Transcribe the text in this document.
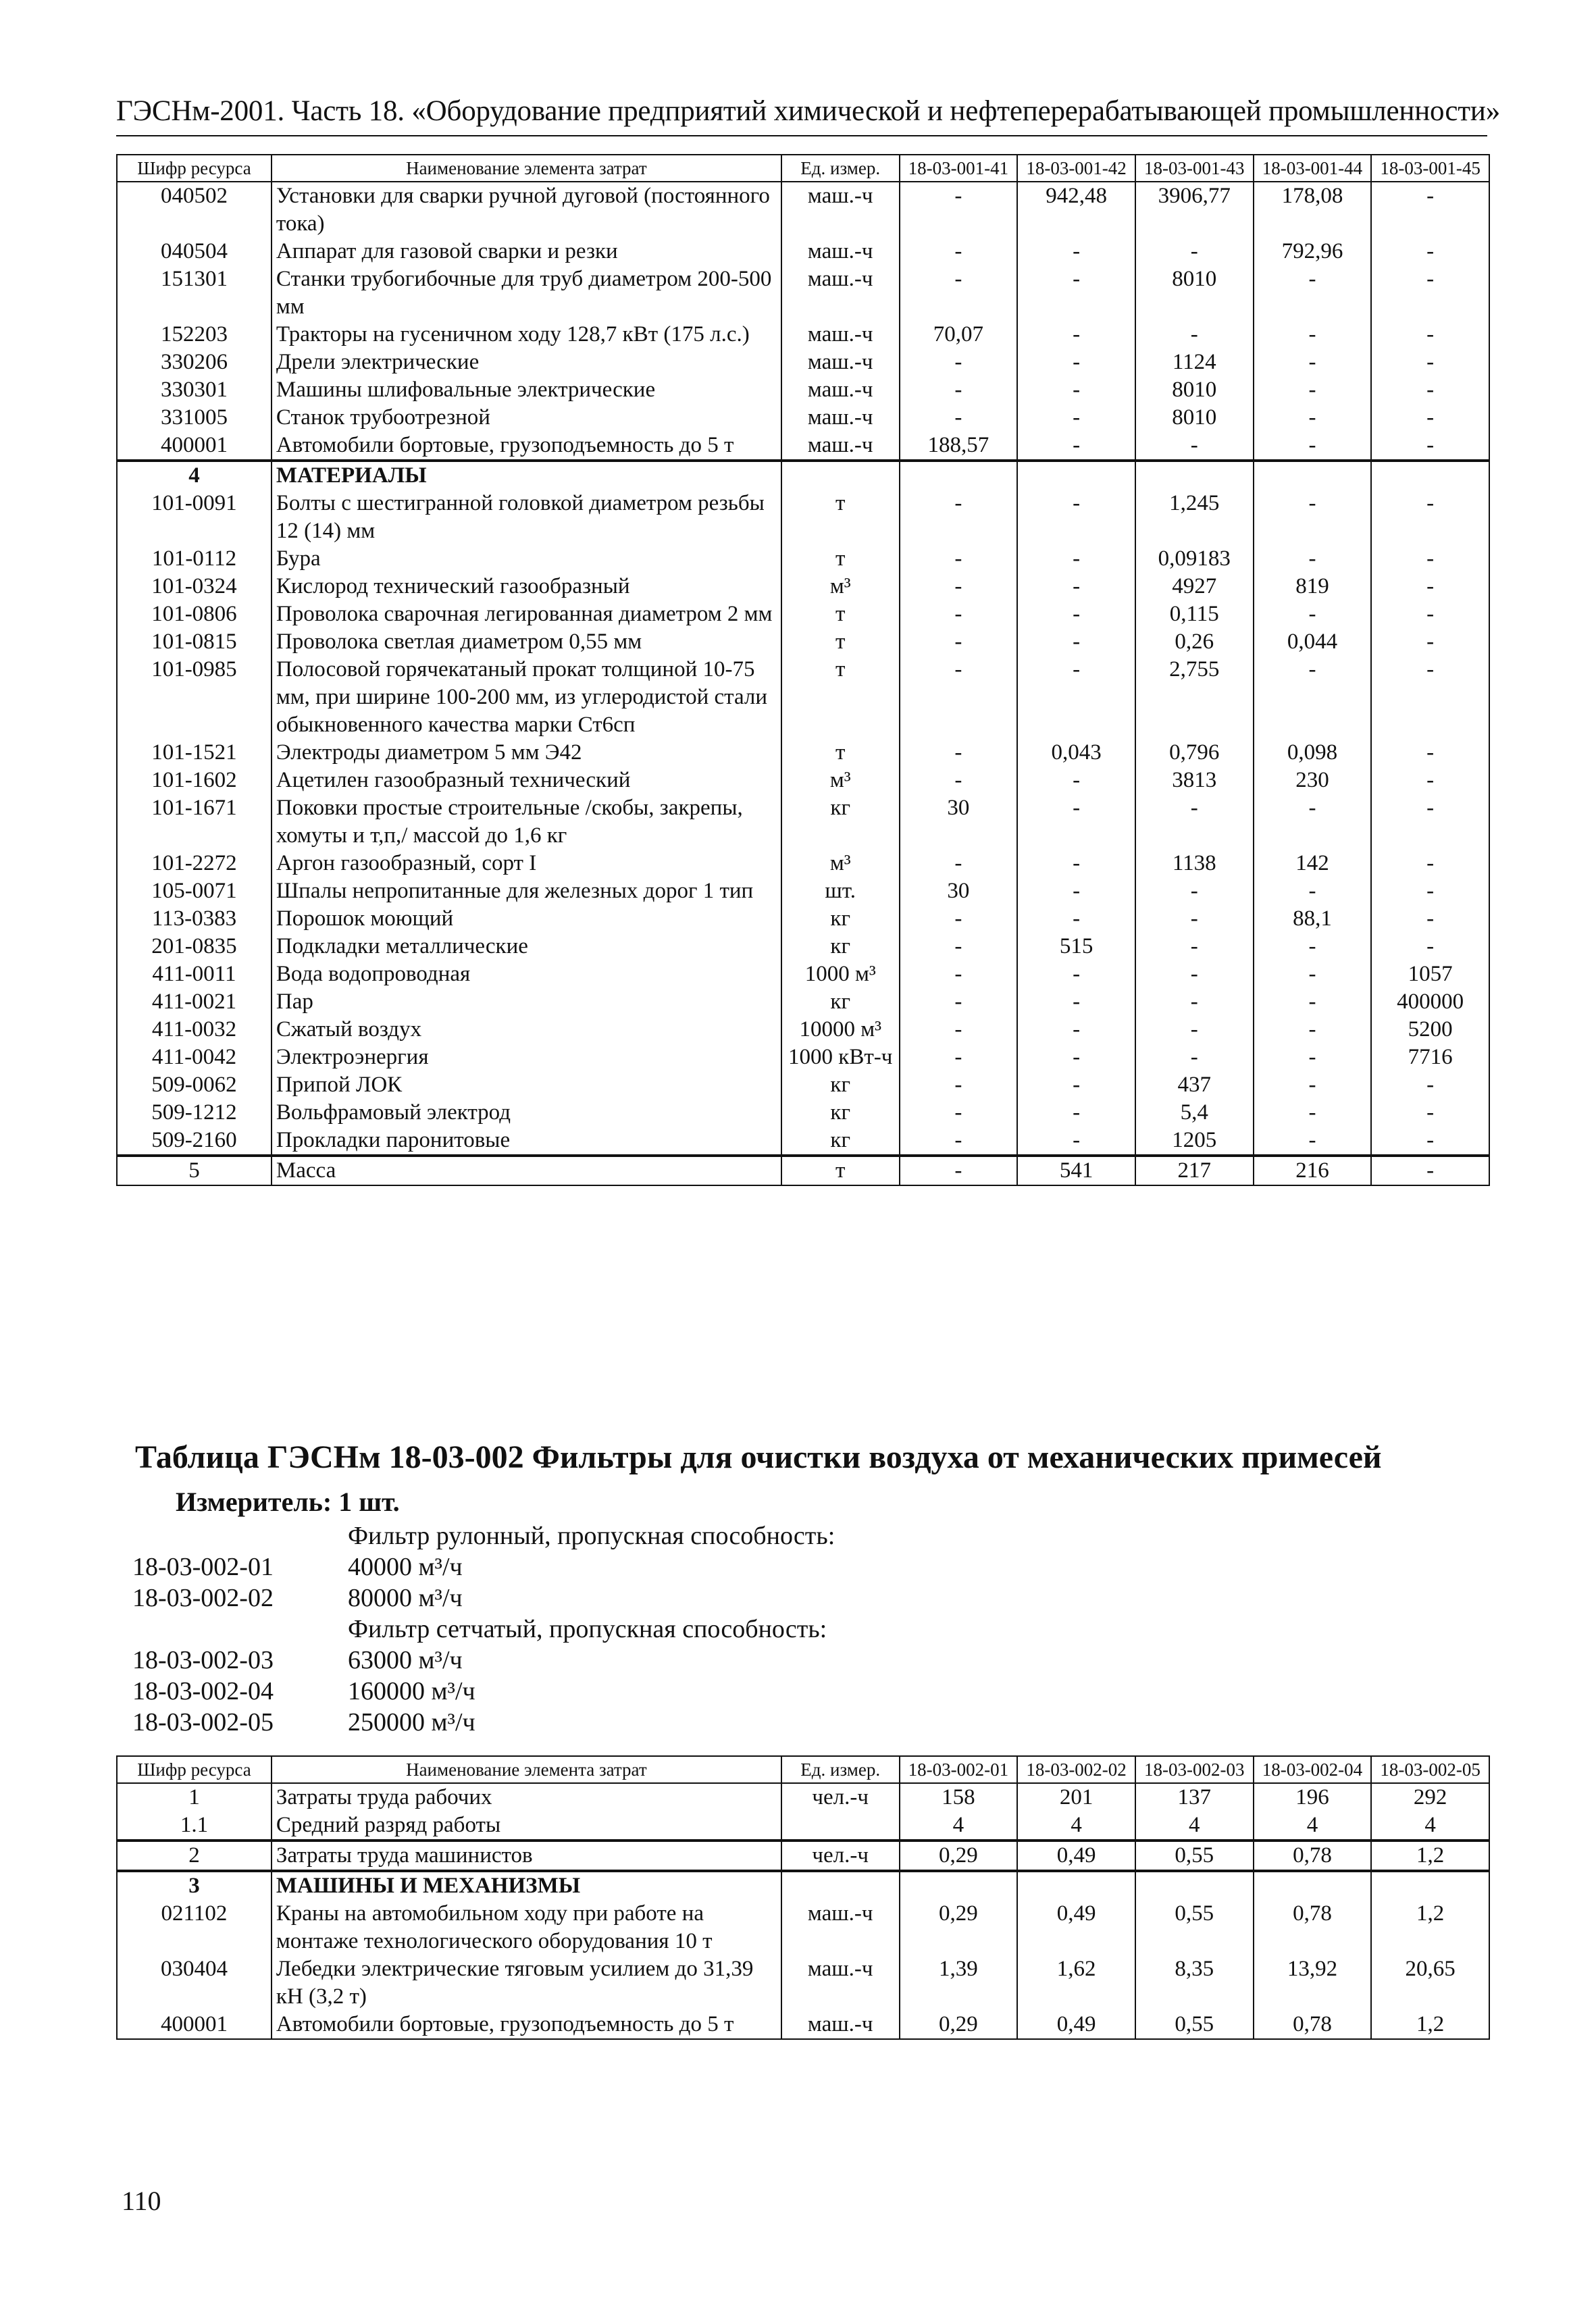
ГЭСНм-2001. Часть 18. «Оборудование предприятий химической и нефтеперерабатывающей промышленности»
Шифр ресурса	Наименование элемента затрат	Ед. измер.	18-03-001-41	18-03-001-42	18-03-001-43	18-03-001-44	18-03-001-45
040502	Установки для сварки ручной дуговой (постоянного тока)	маш.-ч	-	942,48	3906,77	178,08	-
040504	Аппарат для газовой сварки и резки	маш.-ч	-	-	-	792,96	-
151301	Станки трубогибочные для труб диаметром 200-500 мм	маш.-ч	-	-	8010	-	-
152203	Тракторы на гусеничном ходу 128,7 кВт (175 л.с.)	маш.-ч	70,07	-	-	-	-
330206	Дрели электрические	маш.-ч	-	-	1124	-	-
330301	Машины шлифовальные электрические	маш.-ч	-	-	8010	-	-
331005	Станок трубоотрезной	маш.-ч	-	-	8010	-	-
400001	Автомобили бортовые, грузоподъемность до 5 т	маш.-ч	188,57	-	-	-	-
4	МАТЕРИАЛЫ						
101-0091	Болты с шестигранной головкой диаметром резьбы 12 (14) мм	т	-	-	1,245	-	-
101-0112	Бура	т	-	-	0,09183	-	-
101-0324	Кислород технический газообразный	м³	-	-	4927	819	-
101-0806	Проволока сварочная легированная диаметром 2 мм	т	-	-	0,115	-	-
101-0815	Проволока светлая диаметром 0,55 мм	т	-	-	0,26	0,044	-
101-0985	Полосовой горячекатаный прокат толщиной 10-75 мм, при ширине 100-200 мм, из углеродистой стали обыкновенного качества марки Ст6сп	т	-	-	2,755	-	-
101-1521	Электроды диаметром 5 мм Э42	т	-	0,043	0,796	0,098	-
101-1602	Ацетилен газообразный технический	м³	-	-	3813	230	-
101-1671	Поковки простые строительные /скобы, закрепы, хомуты и т,п,/ массой до 1,6 кг	кг	30	-	-	-	-
101-2272	Аргон газообразный, сорт I	м³	-	-	1138	142	-
105-0071	Шпалы непропитанные для железных дорог 1 тип	шт.	30	-	-	-	-
113-0383	Порошок моющий	кг	-	-	-	88,1	-
201-0835	Подкладки металлические	кг	-	515	-	-	-
411-0011	Вода водопроводная	1000 м³	-	-	-	-	1057
411-0021	Пар	кг	-	-	-	-	400000
411-0032	Сжатый воздух	10000 м³	-	-	-	-	5200
411-0042	Электроэнергия	1000 кВт-ч	-	-	-	-	7716
509-0062	Припой ЛОК	кг	-	-	437	-	-
509-1212	Вольфрамовый электрод	кг	-	-	5,4	-	-
509-2160	Прокладки паронитовые	кг	-	-	1205	-	-
5	Масса	т	-	541	217	216	-
Таблица ГЭСНм 18-03-002 Фильтры для очистки воздуха от механических примесей
Измеритель: 1 шт.
Фильтр рулонный, пропускная способность:
18-03-002-01	40000 м³/ч
18-03-002-02	80000 м³/ч
Фильтр сетчатый, пропускная способность:
18-03-002-03	63000 м³/ч
18-03-002-04	160000 м³/ч
18-03-002-05	250000 м³/ч
Шифр ресурса	Наименование элемента затрат	Ед. измер.	18-03-002-01	18-03-002-02	18-03-002-03	18-03-002-04	18-03-002-05
1	Затраты труда рабочих	чел.-ч	158	201	137	196	292
1.1	Средний разряд работы		4	4	4	4	4
2	Затраты труда машинистов	чел.-ч	0,29	0,49	0,55	0,78	1,2
3	МАШИНЫ И МЕХАНИЗМЫ						
021102	Краны на автомобильном ходу при работе на монтаже технологического оборудования 10 т	маш.-ч	0,29	0,49	0,55	0,78	1,2
030404	Лебедки электрические тяговым усилием до 31,39 кН (3,2 т)	маш.-ч	1,39	1,62	8,35	13,92	20,65
400001	Автомобили бортовые, грузоподъемность до 5 т	маш.-ч	0,29	0,49	0,55	0,78	1,2
110
